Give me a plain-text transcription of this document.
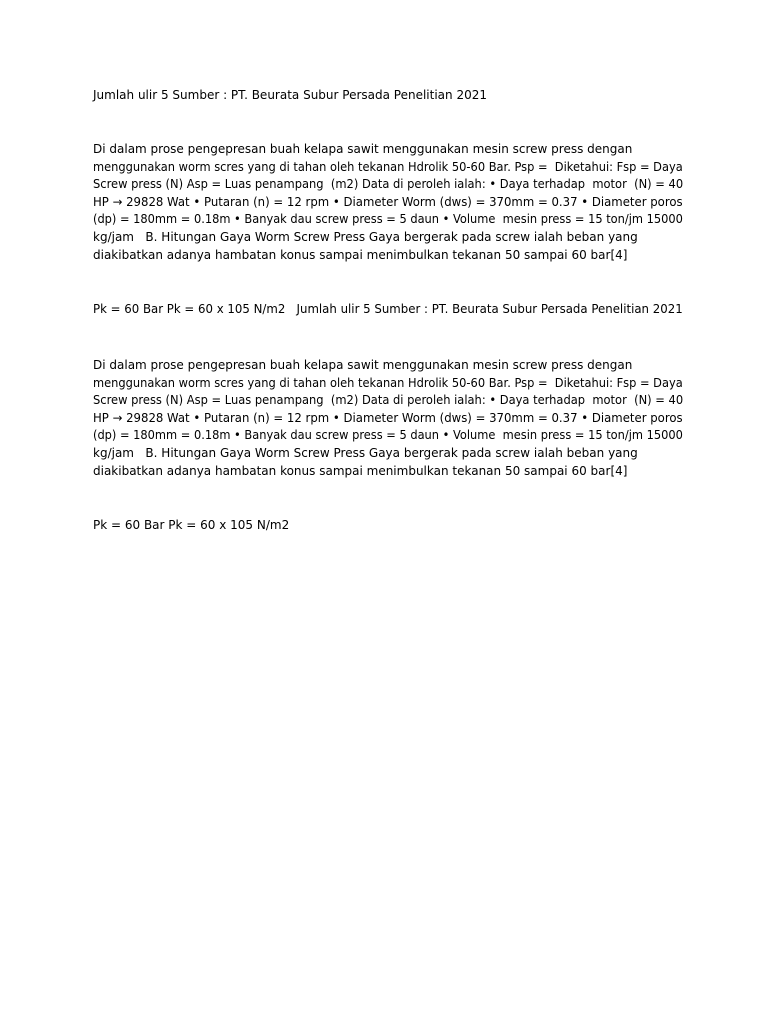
Jumlah ulir 5 Sumber : PT. Beurata Subur Persada Penelitian 2021

Di dalam prose pengepresan buah kelapa sawit menggunakan mesin screw press dengan
menggunakan worm scres yang di tahan oleh tekanan Hdrolik 50-60 Bar. Psp =  Diketahui: Fsp = Daya
Screw press (N) Asp = Luas penampang  (m2) Data di peroleh ialah: • Daya terhadap  motor  (N) = 40
HP → 29828 Wat • Putaran (n) = 12 rpm • Diameter Worm (dws) = 370mm = 0.37 • Diameter poros
(dp) = 180mm = 0.18m • Banyak dau screw press = 5 daun • Volume  mesin press = 15 ton/jm 15000
kg/jam   B. Hitungan Gaya Worm Screw Press Gaya bergerak pada screw ialah beban yang
diakibatkan adanya hambatan konus sampai menimbulkan tekanan 50 sampai 60 bar[4]

Pk = 60 Bar Pk = 60 x 105 N/m2   Jumlah ulir 5 Sumber : PT. Beurata Subur Persada Penelitian 2021

Di dalam prose pengepresan buah kelapa sawit menggunakan mesin screw press dengan
menggunakan worm scres yang di tahan oleh tekanan Hdrolik 50-60 Bar. Psp =  Diketahui: Fsp = Daya
Screw press (N) Asp = Luas penampang  (m2) Data di peroleh ialah: • Daya terhadap  motor  (N) = 40
HP → 29828 Wat • Putaran (n) = 12 rpm • Diameter Worm (dws) = 370mm = 0.37 • Diameter poros
(dp) = 180mm = 0.18m • Banyak dau screw press = 5 daun • Volume  mesin press = 15 ton/jm 15000
kg/jam   B. Hitungan Gaya Worm Screw Press Gaya bergerak pada screw ialah beban yang
diakibatkan adanya hambatan konus sampai menimbulkan tekanan 50 sampai 60 bar[4]

Pk = 60 Bar Pk = 60 x 105 N/m2
